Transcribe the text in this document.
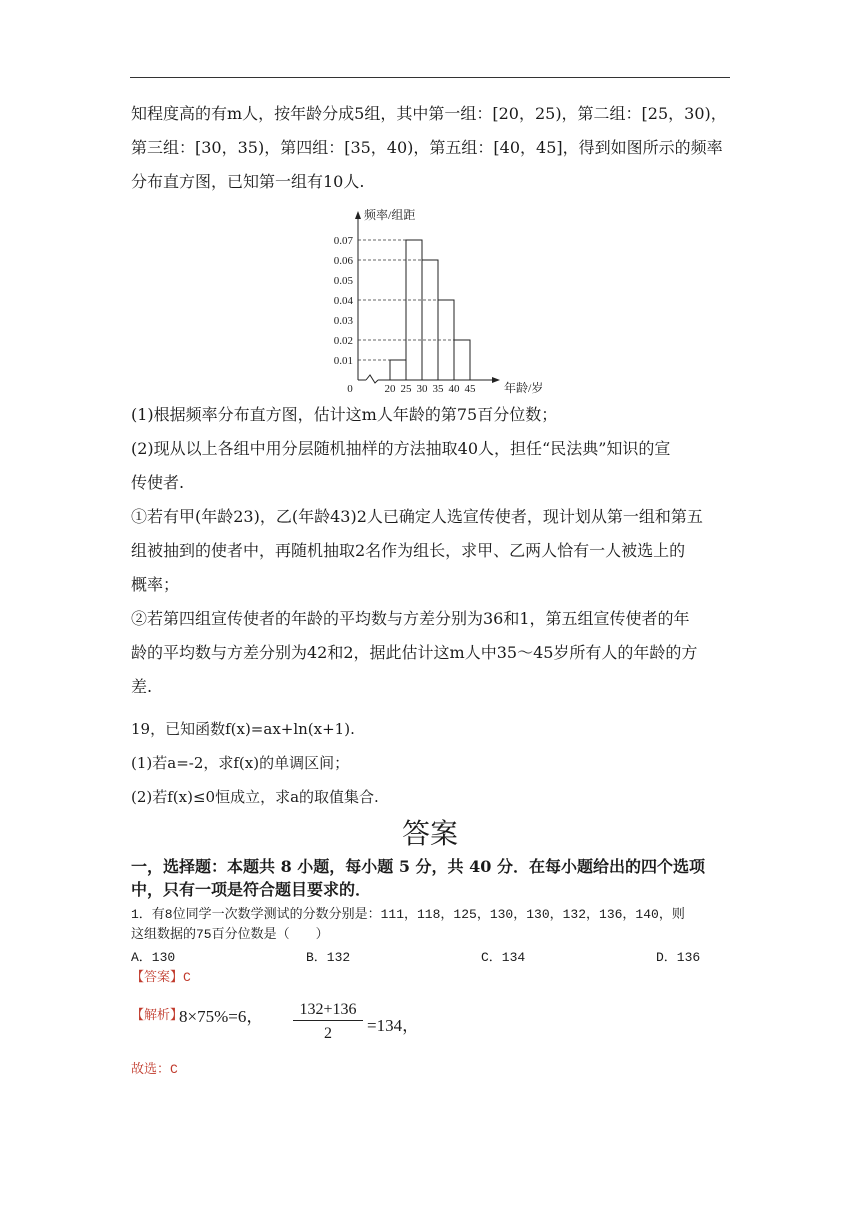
知程度高的有m人，按年龄分成5组，其中第一组：[20，25)，第二组：[25，30)，

第三组：[30，35)，第四组：[35，40)，第五组：[40，45]，得到如图所示的频率

分布直方图，已知第一组有10人.

0.01
0.02
0.03
0.04
0.05
0.06
0.07
0	20 25 30 35 40 45
频率/组距
年龄/岁

(1)根据频率分布直方图，估计这m人年龄的第75百分位数；

(2)现从以上各组中用分层随机抽样的方法抽取40人，担任“民法典”知识的宣

传使者.

①若有甲(年龄23)，乙(年龄43)2人已确定人选宣传使者，现计划从第一组和第五

组被抽到的使者中，再随机抽取2名作为组长，求甲、乙两人恰有一人被选上的

概率；

②若第四组宣传使者的年龄的平均数与方差分别为36和1，第五组宣传使者的年

龄的平均数与方差分别为42和2，据此估计这m人中35～45岁所有人的年龄的方

差.

19，已知函数f(x)=ax+ln(x+1).

(1)若a=-2，求f(x)的单调区间；

(2)若f(x)≤0恒成立，求a的取值集合.

答案

一，选择题：本题共 8 小题，每小题 5 分，共 40 分．在每小题给出的四个选项

中，只有一项是符合题目要求的．

1．有8位同学一次数学测试的分数分别是：111，118，125，130，130，132，136，140，则

这组数据的75百分位数是（　　）

A．130	B．132	C．134	D．136
【答案】C
【解析】
8×75%=6，	132+136
2	=134，
故选：C
